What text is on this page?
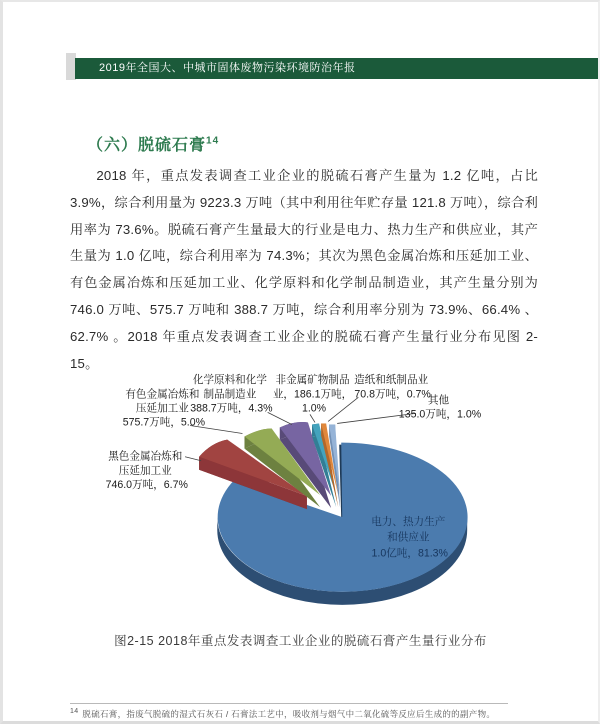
2019年全国大、中城市固体废物污染环境防治年报
（六）脱硫石膏$^{14}$
2018 年，重点发表调查工业企业的脱硫石膏产生量为 1.2 亿吨，占比 3.9%，综合利用量为 9223.3 万吨（其中利用往年贮存量 121.8 万吨），综合利用率为 73.6%。脱硫石膏产生量最大的行业是电力、热力生产和供应业，其产生量为 1.0 亿吨，综合利用率为 74.3%；其次为黑色金属冶炼和压延加工业、有色金属冶炼和压延加工业、化学原料和化学制品制造业，其产生量分别为 746.0 万吨、575.7 万吨和 388.7 万吨，综合利用率分别为 73.9%、66.4% 、62.7% 。2018 年重点发表调查工业企业的脱硫石膏产生量行业分布见图 2-15。
化学原料和化学 制品制造业 388.7万吨，4.3%
非金属矿物制品 业，186.1万吨， 1.0%
造纸和纸制品业 70.8万吨，0.7%
其他 135.0万吨，1.0%
有色金属冶炼和 压延加工业 575.7万吨，5.0%
黑色金属冶炼和 压延加工业 746.0万吨，6.7%
电力、热力生产 和供应业 1.0亿吨，81.3%
图2-15 2018年重点发表调查工业企业的脱硫石膏产生量行业分布
$^{14}$ 脱硫石膏，指废气脱硫的湿式石灰石 / 石膏法工艺中，吸收剂与烟气中二氧化硫等反应后生成的的副产物。
